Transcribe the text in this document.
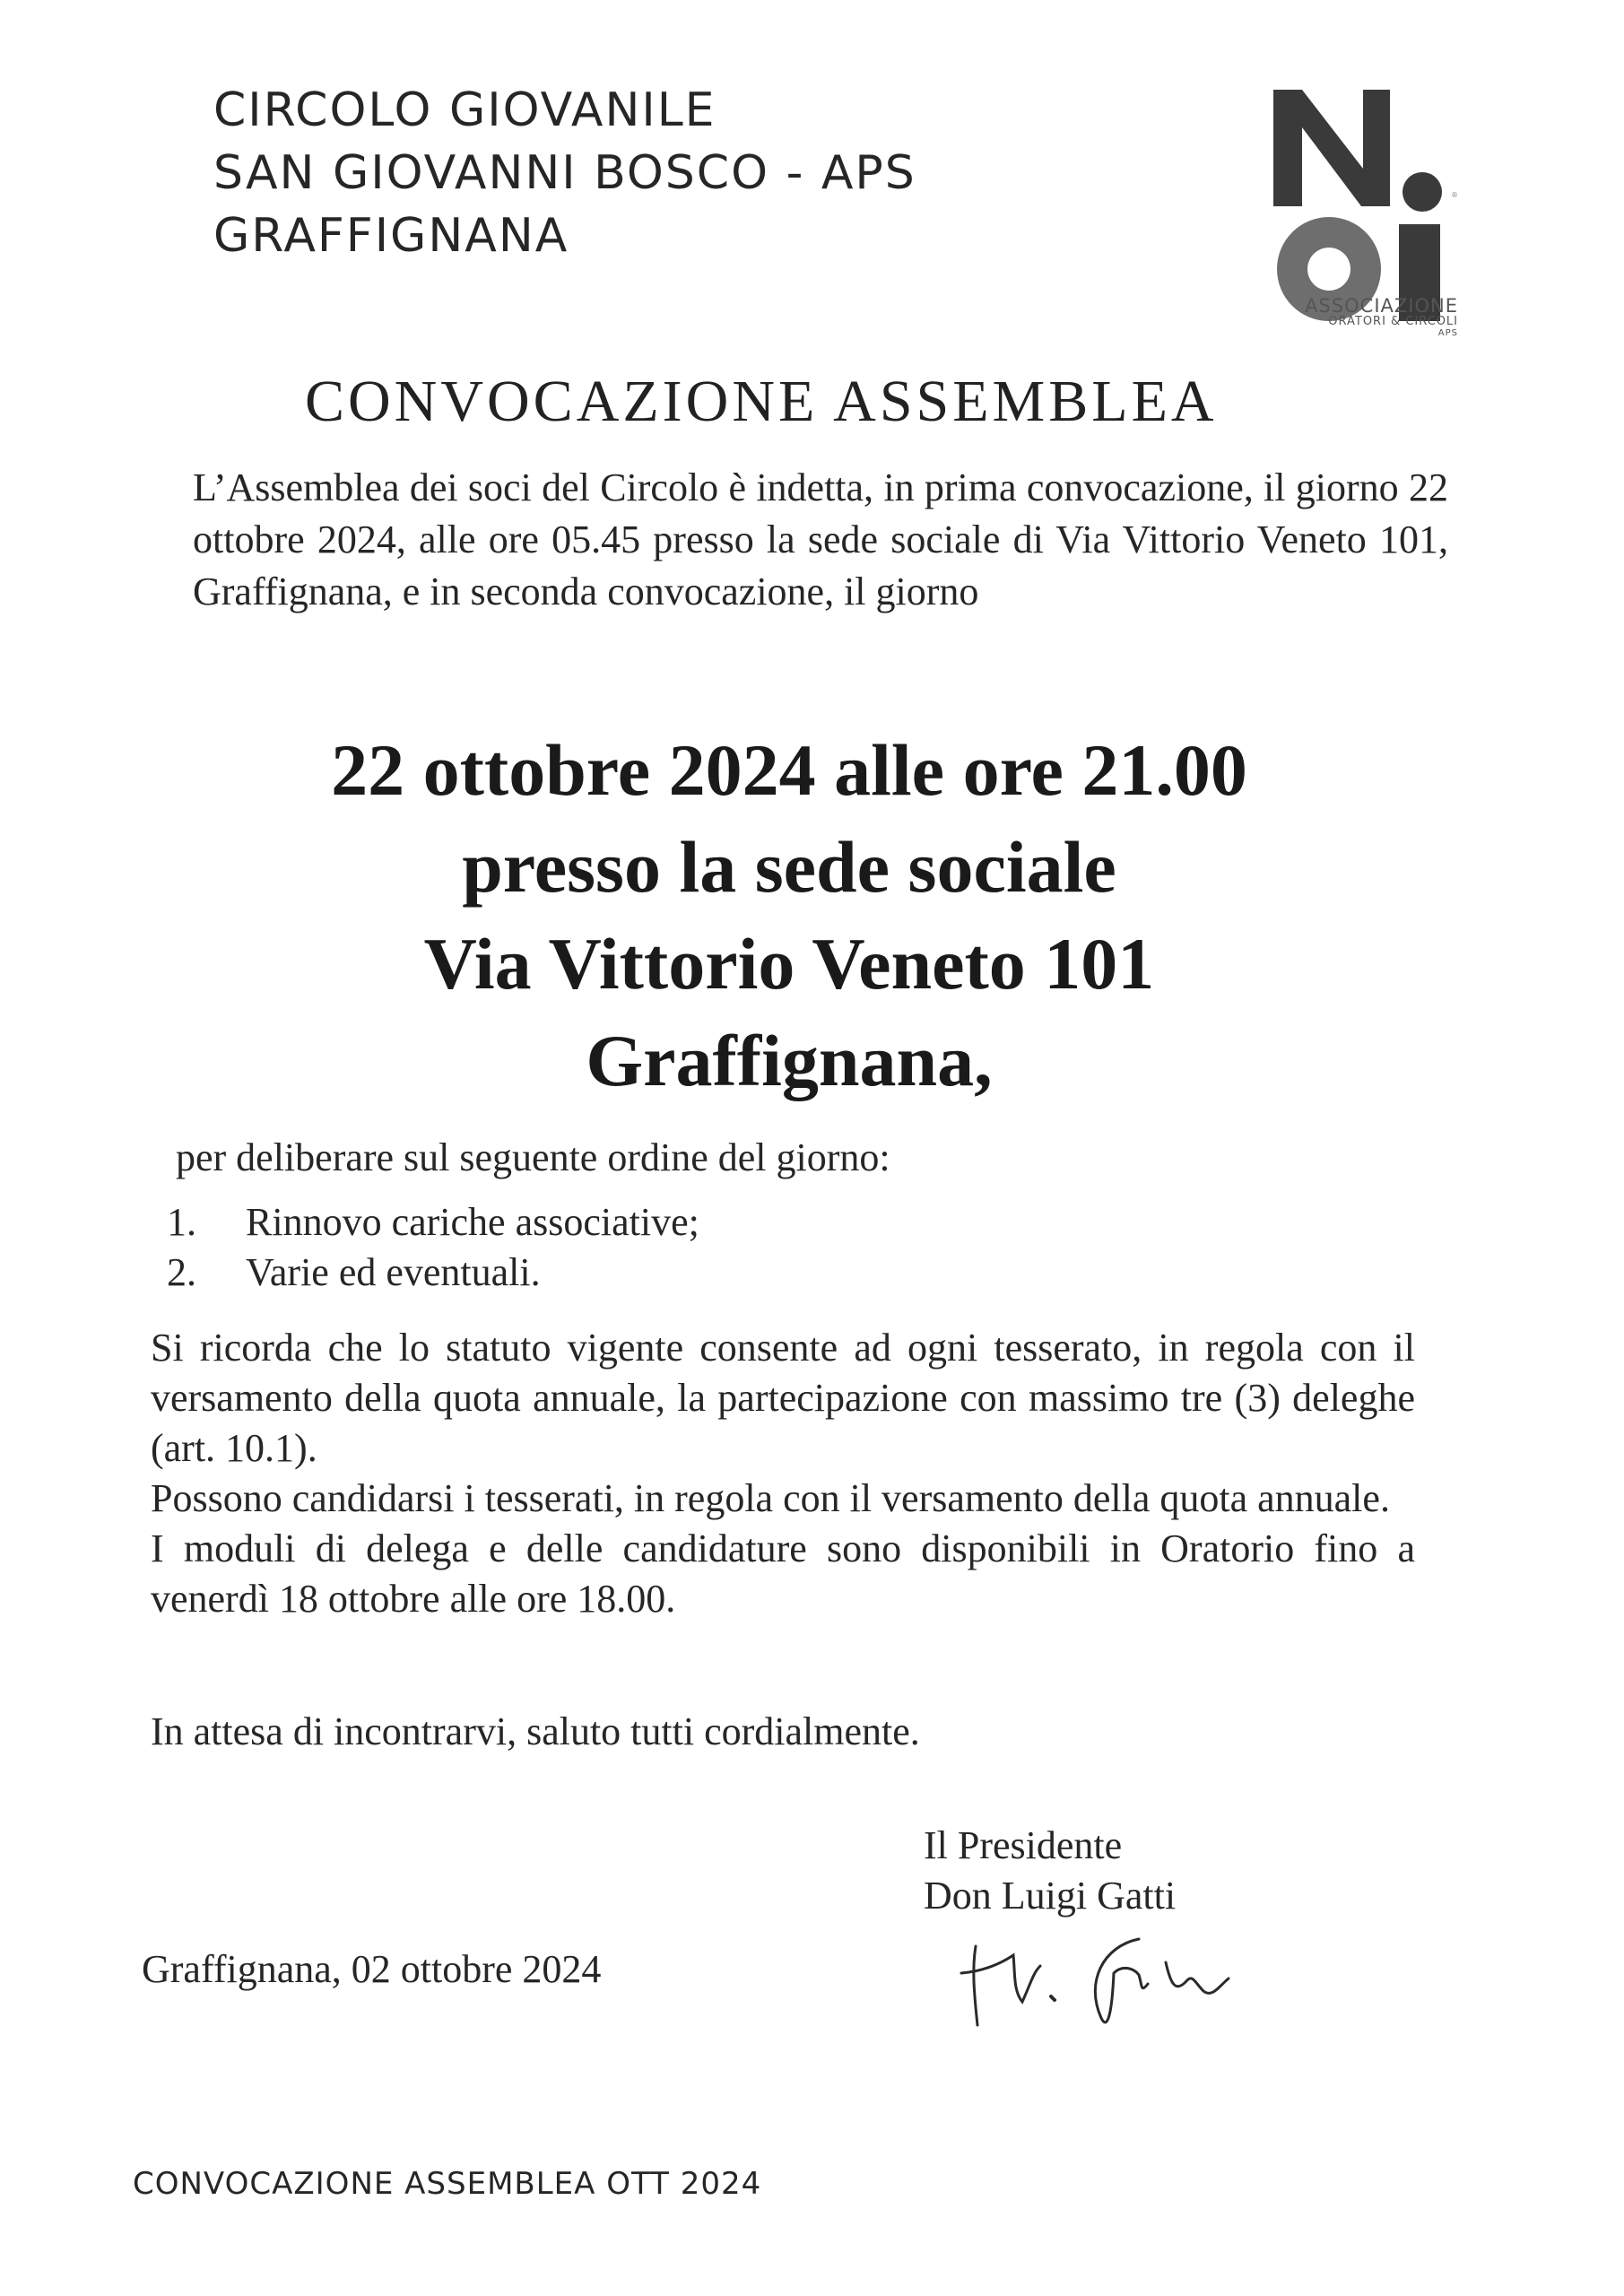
CIRCOLO GIOVANILE
SAN GIOVANNI BOSCO - APS
GRAFFIGNANA
®
ASSOCIAZIONE
ORATORI & CIRCOLI
APS
CONVOCAZIONE ASSEMBLEA
L’Assemblea dei soci del Circolo è indetta, in prima convocazione, il giorno 22 ottobre 2024, alle ore 05.45 presso la sede sociale di Via Vittorio Veneto 101, Graffignana, e in seconda convocazione, il giorno
22 ottobre 2024 alle ore 21.00
presso la sede sociale
Via Vittorio Veneto 101
Graffignana,
per deliberare sul seguente ordine del giorno:
1. Rinnovo cariche associative;
2. Varie ed eventuali.

Si ricorda che lo statuto vigente consente ad ogni tesserato, in regola con il versamento della quota annuale, la partecipazione con massimo tre (3) deleghe (art. 10.1).

Possono candidarsi i tesserati, in regola con il versamento della quota annuale.

I moduli di delega e delle candidature sono disponibili in Oratorio fino a venerdì 18 ottobre alle ore 18.00.

In attesa di incontrarvi, saluto tutti cordialmente.
Il Presidente
Don Luigi Gatti
Graffignana, 02 ottobre 2024
CONVOCAZIONE ASSEMBLEA OTT 2024
